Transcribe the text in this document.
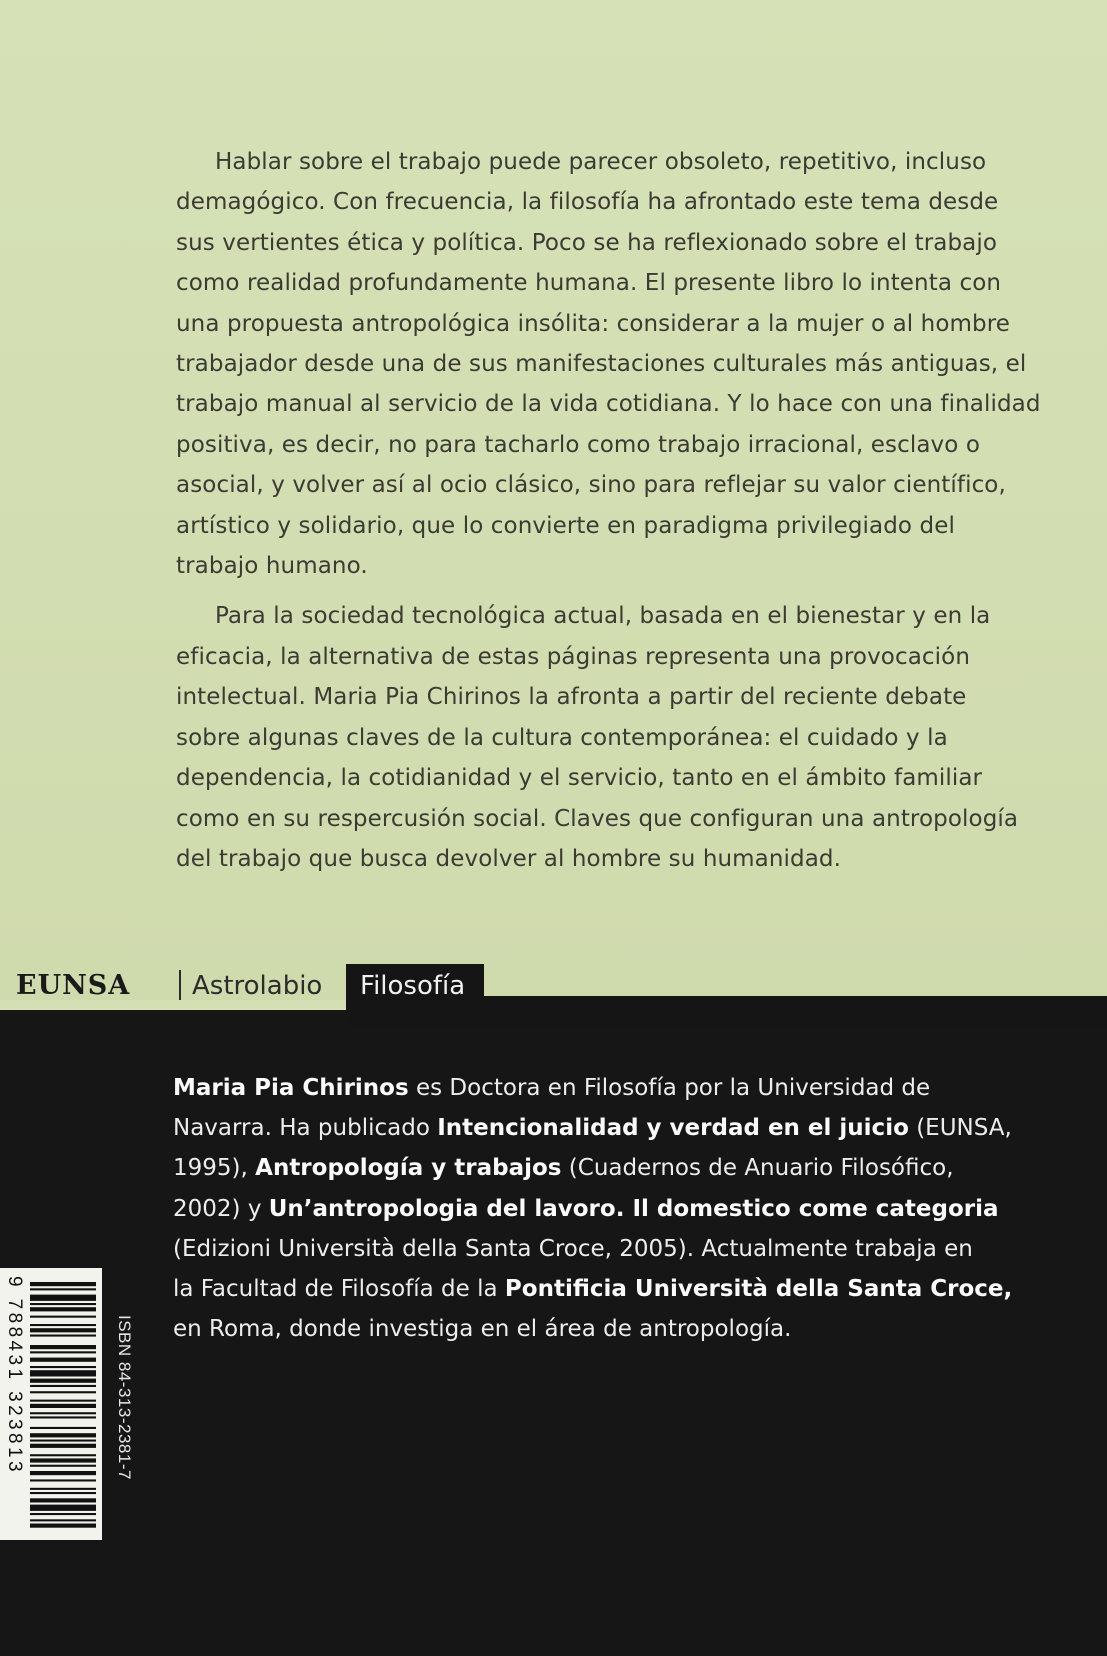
Hablar sobre el trabajo puede parecer obsoleto, repetitivo, incluso
demagógico. Con frecuencia, la filosofía ha afrontado este tema desde
sus vertientes ética y política. Poco se ha reflexionado sobre el trabajo
como realidad profundamente humana. El presente libro lo intenta con
una propuesta antropológica insólita: considerar a la mujer o al hombre
trabajador desde una de sus manifestaciones culturales más antiguas, el
trabajo manual al servicio de la vida cotidiana. Y lo hace con una finalidad
positiva, es decir, no para tacharlo como trabajo irracional, esclavo o
asocial, y volver así al ocio clásico, sino para reflejar su valor científico,
artístico y solidario, que lo convierte en paradigma privilegiado del
trabajo humano.
Para la sociedad tecnológica actual, basada en el bienestar y en la
eficacia, la alternativa de estas páginas representa una provocación
intelectual. Maria Pia Chirinos la afronta a partir del reciente debate
sobre algunas claves de la cultura contemporánea: el cuidado y la
dependencia, la cotidianidad y el servicio, tanto en el ámbito familiar
como en su respercusión social. Claves que configuran una antropología
del trabajo que busca devolver al hombre su humanidad.
EUNSA Astrolabio Filosofía
Maria Pia Chirinos es Doctora en Filosofía por la Universidad de
Navarra. Ha publicado Intencionalidad y verdad en el juicio (EUNSA,
1995), Antropología y trabajos (Cuadernos de Anuario Filosófico,
2002) y Un’antropologia del lavoro. Il domestico come categoria
(Edizioni Università della Santa Croce, 2005). Actualmente trabaja en
la Facultad de Filosofía de la Pontificia Università della Santa Croce,
en Roma, donde investiga en el área de antropología.
9 788431 323813	ISBN 84-313-2381-7
